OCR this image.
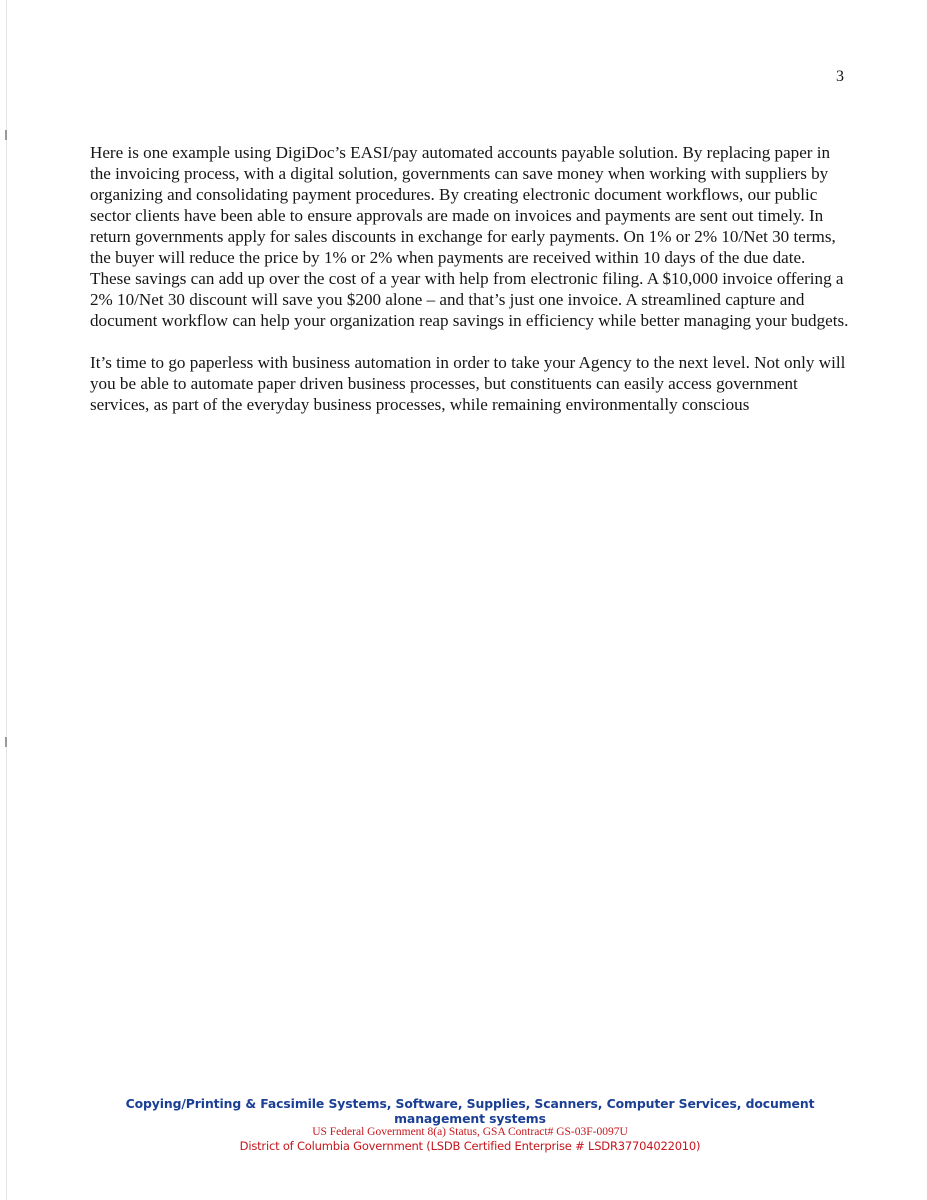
3

Here is one example using DigiDoc’s EASI/pay automated accounts payable solution. By replacing paper in the invoicing process, with a digital solution, governments can save money when working with suppliers by organizing and consolidating payment procedures. By creating electronic document workflows, our public sector clients have been able to ensure approvals are made on invoices and payments are sent out timely. In return governments apply for sales discounts in exchange for early payments. On 1% or 2% 10/Net 30 terms, the buyer will reduce the price by 1% or 2% when payments are received within 10 days of the due date. These savings can add up over the cost of a year with help from electronic filing. A $10,000 invoice offering a 2% 10/Net 30 discount will save you $200 alone – and that’s just one invoice. A streamlined capture and document workflow can help your organization reap savings in efficiency while better managing your budgets.

It’s time to go paperless with business automation in order to take your Agency to the next level. Not only will you be able to automate paper driven business processes, but constituents can easily access government services, as part of the everyday business processes, while remaining environmentally conscious

Copying/Printing & Facsimile Systems, Software, Supplies, Scanners, Computer Services, document management systems
US Federal Government 8(a) Status, GSA Contract# GS-03F-0097U
District of Columbia Government (LSDB Certified Enterprise # LSDR37704022010)
